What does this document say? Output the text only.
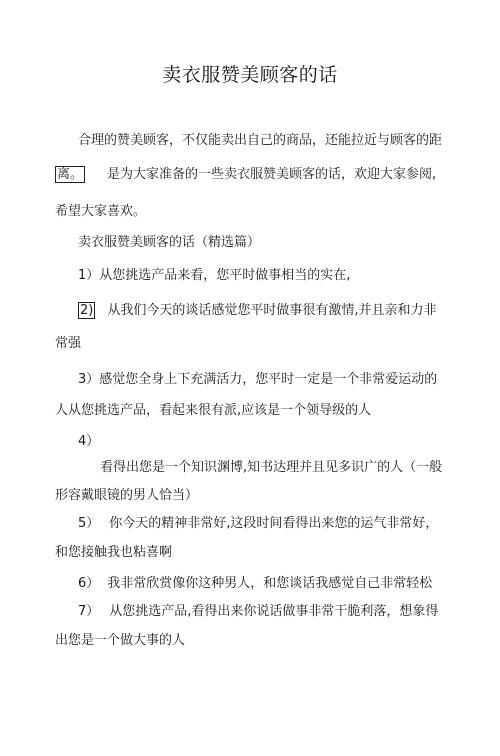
卖衣服赞美顾客的话
合理的赞美顾客，不仅能卖出自己的商品，还能拉近与顾客的距
离。 是为大家准备的一些卖衣服赞美顾客的话，欢迎大家参阅,
希望大家喜欢。
卖衣服赞美顾客的话（精选篇）
1）从您挑选产品来看，您平时做事相当的实在,
2) 从我们今天的谈话感觉您平时做事很有激情,并且亲和力非
常强
3）感觉您全身上下充满活力，您平时一定是一个非常爱运动的
人从您挑选产品，看起来很有派,应该是一个领导级的人
4）
看得出您是一个知识渊博,知书达理并且见多识广的人（一般
形容戴眼镜的男人恰当）
5） 你今天的精神非常好,这段时间看得出来您的运气非常好，
和您接触我也粘喜啊
6） 我非常欣赏像你这种男人，和您谈话我感觉自己非常轻松
7） 从您挑选产品,看得出来你说话做事非常干脆利落，想象得
出您是一个做大事的人
